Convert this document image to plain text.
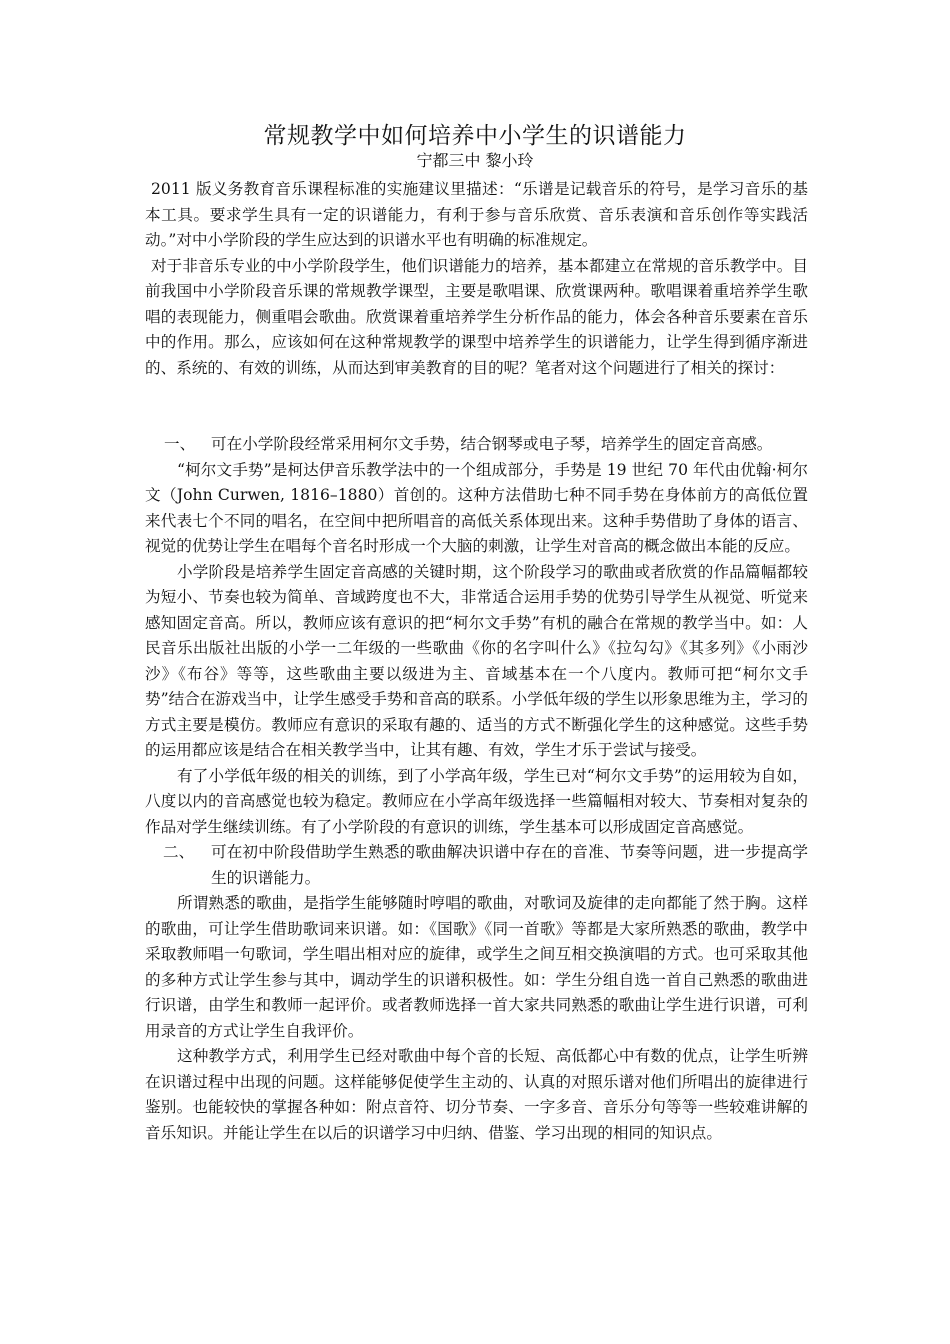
常规教学中如何培养中小学生的识谱能力
宁都三中 黎小玲

2011 版义务教育音乐课程标准的实施建议里描述：“乐谱是记载音乐的符号，是学习音乐的基本工具。要求学生具有一定的识谱能力，有利于参与音乐欣赏、音乐表演和音乐创作等实践活动。”对中小学阶段的学生应达到的识谱水平也有明确的标准规定。

对于非音乐专业的中小学阶段学生，他们识谱能力的培养，基本都建立在常规的音乐教学中。目前我国中小学阶段音乐课的常规教学课型，主要是歌唱课、欣赏课两种。歌唱课着重培养学生歌唱的表现能力，侧重唱会歌曲。欣赏课着重培养学生分析作品的能力，体会各种音乐要素在音乐中的作用。那么，应该如何在这种常规教学的课型中培养学生的识谱能力，让学生得到循序渐进的、系统的、有效的训练，从而达到审美教育的目的呢？笔者对这个问题进行了相关的探讨：

一、 可在小学阶段经常采用柯尔文手势，结合钢琴或电子琴，培养学生的固定音高感。

“柯尔文手势”是柯达伊音乐教学法中的一个组成部分，手势是 19 世纪 70 年代由优翰·柯尔文（John Curwen, 1816–1880）首创的。这种方法借助七种不同手势在身体前方的高低位置来代表七个不同的唱名，在空间中把所唱音的高低关系体现出来。这种手势借助了身体的语言、视觉的优势让学生在唱每个音名时形成一个大脑的刺激，让学生对音高的概念做出本能的反应。

小学阶段是培养学生固定音高感的关键时期，这个阶段学习的歌曲或者欣赏的作品篇幅都较为短小、节奏也较为简单、音域跨度也不大，非常适合运用手势的优势引导学生从视觉、听觉来感知固定音高。所以，教师应该有意识的把“柯尔文手势”有机的融合在常规的教学当中。如：人民音乐出版社出版的小学一二年级的一些歌曲《你的名字叫什么》《拉勾勾》《其多列》《小雨沙沙》《布谷》等等，这些歌曲主要以级进为主、音域基本在一个八度内。教师可把“柯尔文手势”结合在游戏当中，让学生感受手势和音高的联系。小学低年级的学生以形象思维为主，学习的方式主要是模仿。教师应有意识的采取有趣的、适当的方式不断强化学生的这种感觉。这些手势的运用都应该是结合在相关教学当中，让其有趣、有效，学生才乐于尝试与接受。

有了小学低年级的相关的训练，到了小学高年级，学生已对“柯尔文手势”的运用较为自如，八度以内的音高感觉也较为稳定。教师应在小学高年级选择一些篇幅相对较大、节奏相对复杂的作品对学生继续训练。有了小学阶段的有意识的训练，学生基本可以形成固定音高感觉。

二、 可在初中阶段借助学生熟悉的歌曲解决识谱中存在的音准、节奏等问题，进一步提高学生的识谱能力。

所谓熟悉的歌曲，是指学生能够随时哼唱的歌曲，对歌词及旋律的走向都能了然于胸。这样的歌曲，可让学生借助歌词来识谱。如：《国歌》《同一首歌》等都是大家所熟悉的歌曲，教学中采取教师唱一句歌词，学生唱出相对应的旋律，或学生之间互相交换演唱的方式。也可采取其他的多种方式让学生参与其中，调动学生的识谱积极性。如：学生分组自选一首自己熟悉的歌曲进行识谱，由学生和教师一起评价。或者教师选择一首大家共同熟悉的歌曲让学生进行识谱，可利用录音的方式让学生自我评价。

这种教学方式，利用学生已经对歌曲中每个音的长短、高低都心中有数的优点，让学生听辨在识谱过程中出现的问题。这样能够促使学生主动的、认真的对照乐谱对他们所唱出的旋律进行鉴别。也能较快的掌握各种如：附点音符、切分节奏、一字多音、音乐分句等等一些较难讲解的音乐知识。并能让学生在以后的识谱学习中归纳、借鉴、学习出现的相同的知识点。
